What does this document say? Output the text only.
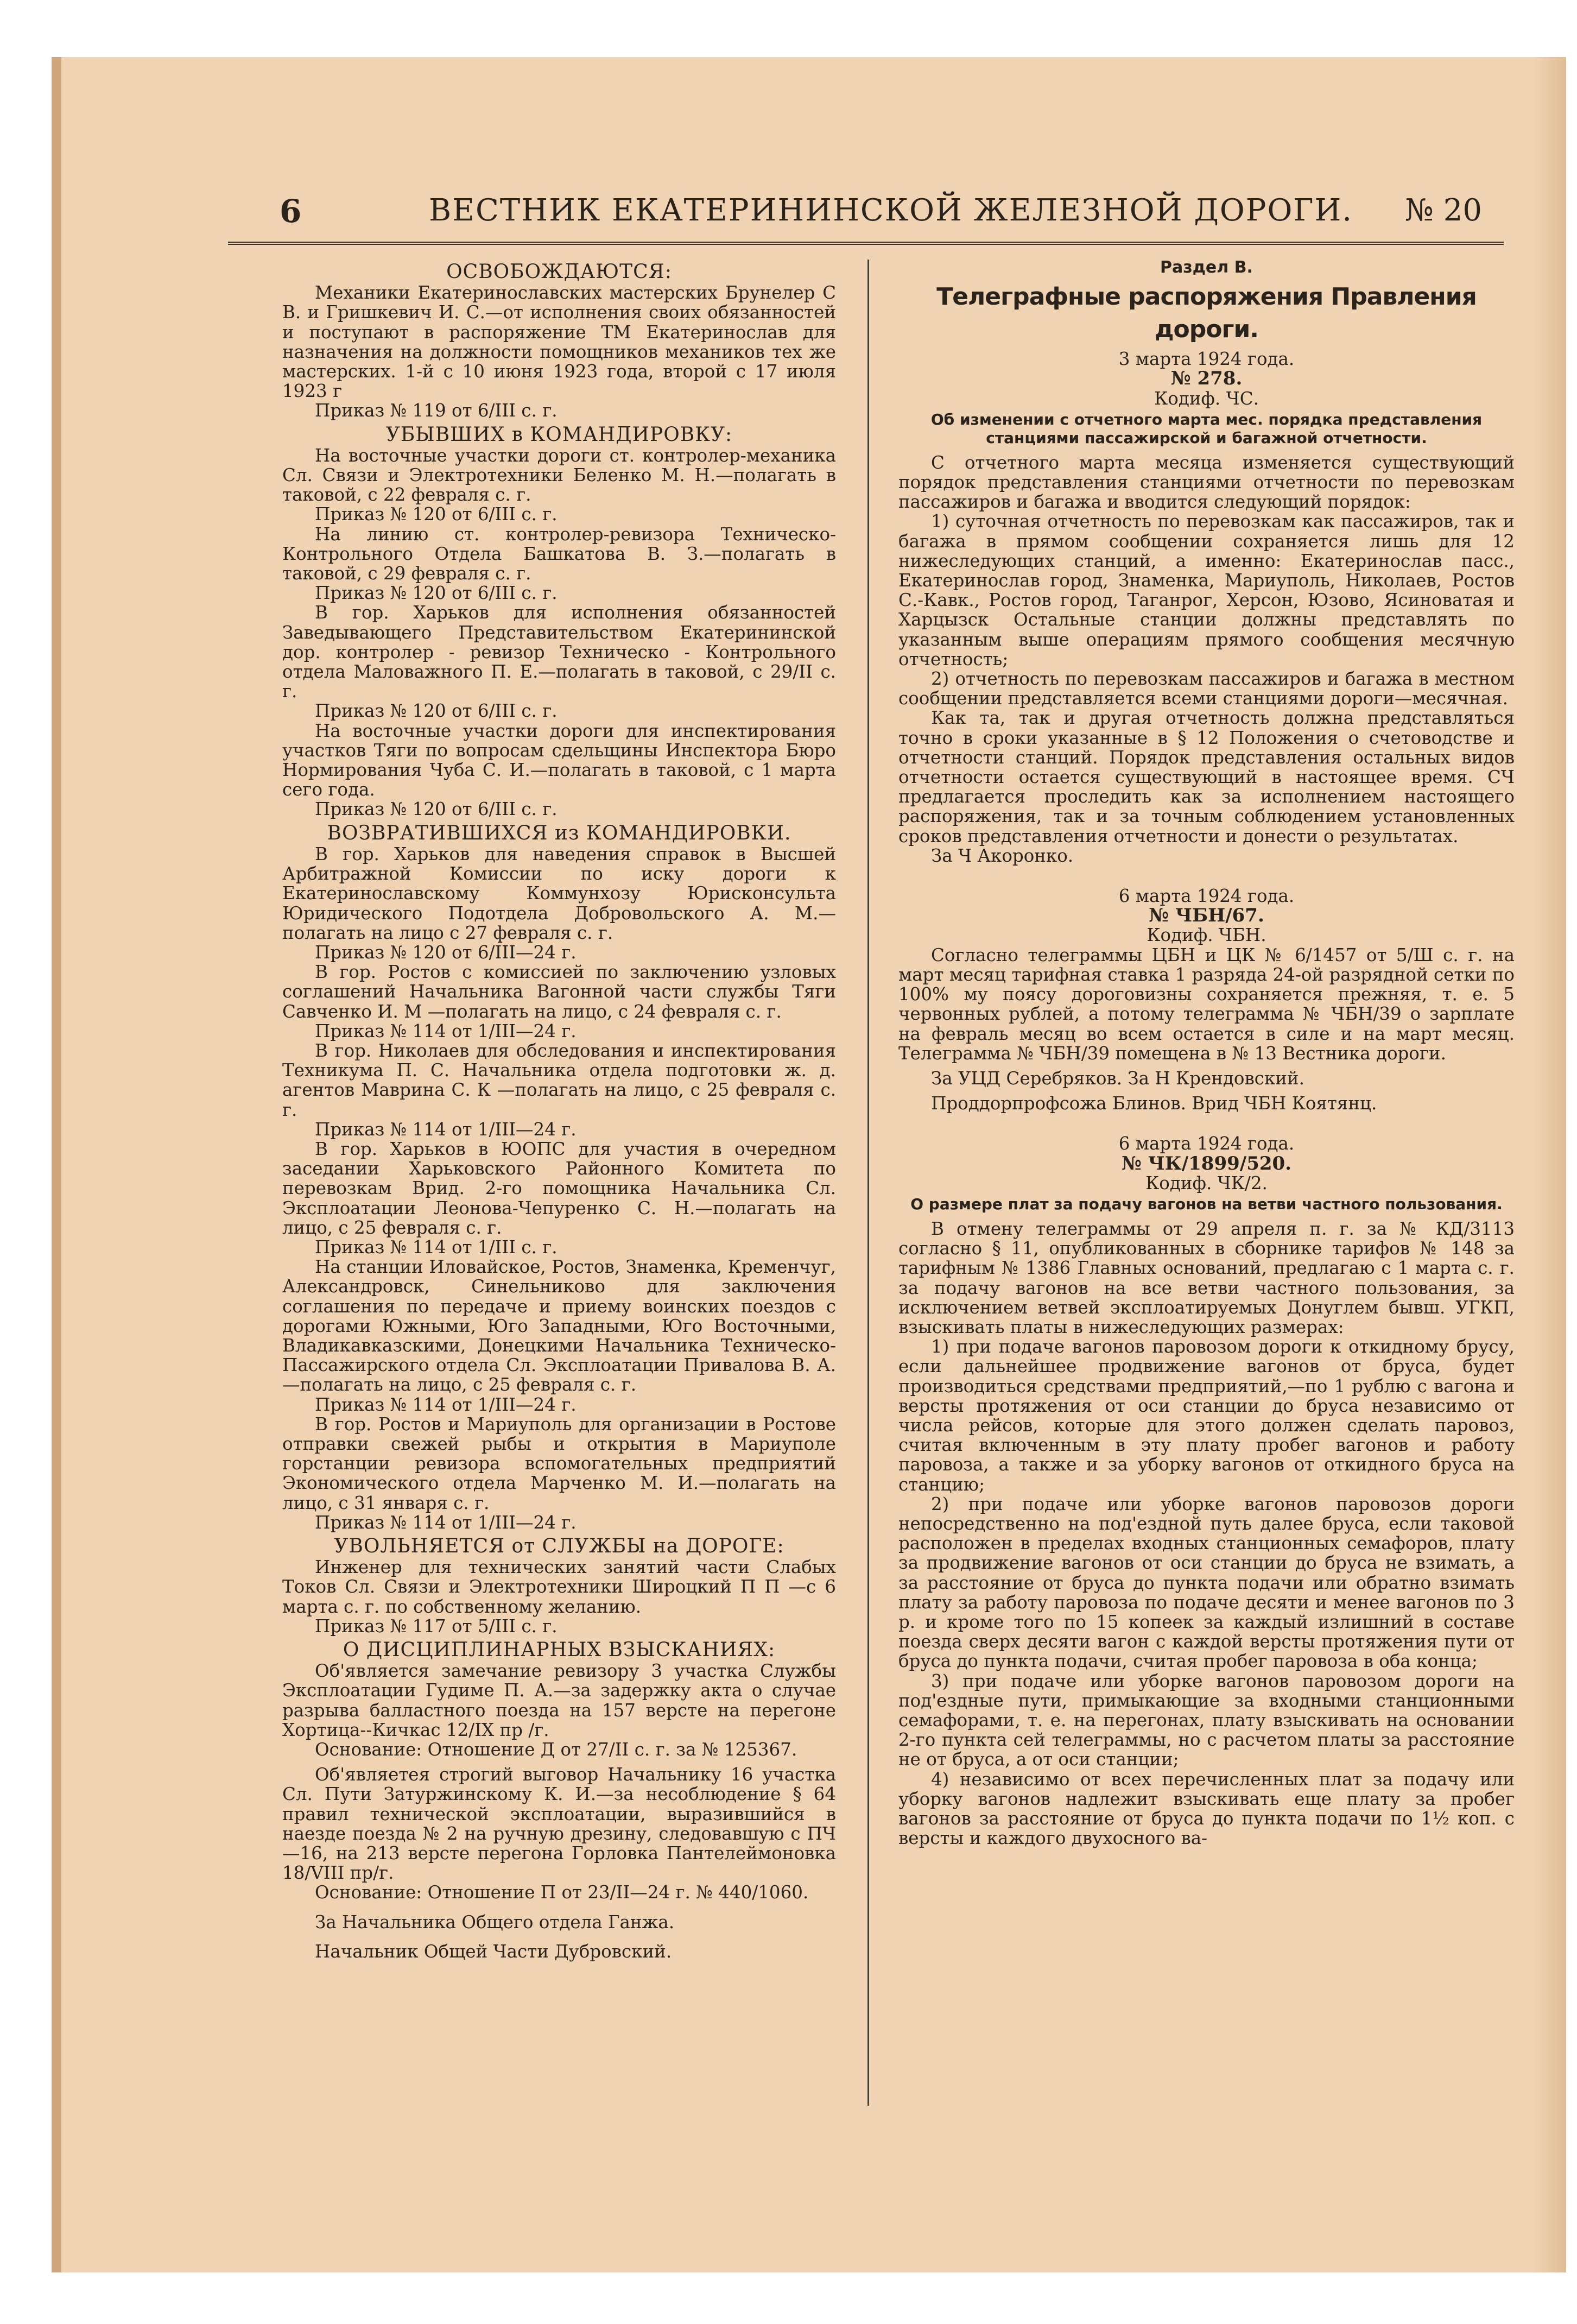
6	ВЕСТНИК ЕКАТЕРИНИНСКОЙ ЖЕЛЕЗНОЙ ДОРОГИ. № 20
ОСВОБОЖДАЮТСЯ:

Механики Екатеринославских мастерских Брунелер С В. и Гришкевич И. С.—от исполнения своих обязанностей и поступают в распоряжение ТМ Екатеринослав для назначения на должности помощников механиков тех же мастерских. 1-й с 10 июня 1923 года, второй с 17 июля 1923 г

Приказ № 119 от 6/III с. г.

УБЫВШИХ в КОМАНДИРОВКУ:

На восточные участки дороги ст. контролер-механика Сл. Связи и Электротехники Беленко М. Н.—полагать в таковой, с 22 февраля с. г.

Приказ № 120 от 6/III с. г.

На линию ст. контролер-ревизора Техническо-Контрольного Отдела Башкатова В. З.—полагать в таковой, с 29 февраля с. г.

Приказ № 120 от 6/III с. г.

В гор. Харьков для исполнения обязанностей Заведывающего Представительством Екатерининской дор. контролер - ревизор Техническо - Контрольного отдела Маловажного П. Е.—полагать в таковой, с 29/II с. г.

Приказ № 120 от 6/III с. г.

На восточные участки дороги для инспектирования участков Тяги по вопросам сдельщины Инспектора Бюро Нормирования Чуба С. И.—полагать в таковой, с 1 марта сего года.

Приказ № 120 от 6/III с. г.

ВОЗВРАТИВШИХСЯ из КОМАНДИРОВКИ.

В гор. Харьков для наведения справок в Высшей Арбитражной Комиссии по иску дороги к Екатеринославскому Коммунхозу Юрисконсульта Юридического Подотдела Добровольского А. М.—полагать на лицо с 27 февраля с. г.

Приказ № 120 от 6/III—24 г.

В гор. Ростов с комиссией по заключению узловых соглашений Начальника Вагонной части службы Тяги Савченко И. М —полагать на лицо, с 24 февраля с. г.

Приказ № 114 от 1/III—24 г.

В гор. Николаев для обследования и инспектирования Техникума П. С. Начальника отдела подготовки ж. д. агентов Маврина С. К —полагать на лицо, с 25 февраля с. г.

Приказ № 114 от 1/III—24 г.

В гор. Харьков в ЮОПС для участия в очередном заседании Харьковского Районного Комитета по перевозкам Врид. 2-го помощника Начальника Сл. Эксплоатации Леонова-Чепуренко С. Н.—полагать на лицо, с 25 февраля с. г.

Приказ № 114 от 1/III с. г.

На станции Иловайское, Ростов, Знаменка, Кременчуг, Александровск, Синельниково для заключения соглашения по передаче и приему воинских поездов с дорогами Южными, Юго Западными, Юго Восточными, Владикавказскими, Донецкими Начальника Техническо-Пассажирского отдела Сл. Эксплоатации Привалова В. А.—полагать на лицо, с 25 февраля с. г.

Приказ № 114 от 1/III—24 г.

В гор. Ростов и Мариуполь для организации в Ростове отправки свежей рыбы и открытия в Мариуполе горстанции ревизора вспомогательных предприятий Экономического отдела Марченко М. И.—полагать на лицо, с 31 января с. г.

Приказ № 114 от 1/III—24 г.

УВОЛЬНЯЕТСЯ от СЛУЖБЫ на ДОРОГЕ:

Инженер для технических занятий части Слабых Токов Сл. Связи и Электротехники Широцкий П П —с 6 марта с. г. по собственному желанию.

Приказ № 117 от 5/III с. г.

О ДИСЦИПЛИНАРНЫХ ВЗЫСКАНИЯХ:

Об'является замечание ревизору 3 участка Службы Эксплоатации Гудиме П. А.—за задержку акта о случае разрыва балластного поезда на 157 версте на перегоне Хортица--Кичкас 12/IX пр /г.

Основание: Отношение Д от 27/II с. г. за № 125367.

Об'являетея строгий выговор Начальнику 16 участка Сл. Пути Затуржинскому К. И.—за несоблюдение § 64 правил технической эксплоатации, выразившийся в наезде поезда № 2 на ручную дрезину, следовавшую с ПЧ—16, на 213 версте перегона Горловка Пантелеймоновка 18/VIII пр/г.

Основание: Отношение П от 23/II—24 г. № 440/1060.

За Начальника Общего отдела Ганжа.

Начальник Общей Части Дубровский.

Раздел В.

Телеграфные распоряжения Правления дороги.

3 марта 1924 года.

№ 278.

Кодиф. ЧС.

Об изменении с отчетного марта мес. порядка представления станциями пассажирской и багажной отчетности.

С отчетного марта месяца изменяется существующий порядок представления станциями отчетности по перевозкам пассажиров и багажа и вводится следующий порядок:

1) суточная отчетность по перевозкам как пассажиров, так и багажа в прямом сообщении сохраняется лишь для 12 нижеследующих станций, а именно: Екатеринослав пасс., Екатеринослав город, Знаменка, Мариуполь, Николаев, Ростов С.-Кавк., Ростов город, Таганрог, Херсон, Юзово, Ясиноватая и Харцызск Остальные станции должны представлять по указанным выше операциям прямого сообщения месячную отчетность;

2) отчетность по перевозкам пассажиров и багажа в местном сообщении представляется всеми станциями дороги—месячная.

Как та, так и другая отчетность должна представляться точно в сроки указанные в § 12 Положения о счетоводстве и отчетности станций. Порядок представления остальных видов отчетности остается существующий в настоящее время. СЧ предлагается проследить как за исполнением настоящего распоряжения, так и за точным соблюдением установленных сроков представления отчетности и донести о результатах.

За Ч Акоронко.

6 марта 1924 года.

№ ЧБН/67.

Кодиф. ЧБН.

Согласно телеграммы ЦБН и ЦК № 6/1457 от 5/Ш с. г. на март месяц тарифная ставка 1 разряда 24-ой разрядной сетки по 100% му поясу дороговизны сохраняется прежняя, т. е. 5 червонных рублей, а потому телеграмма № ЧБН/39 о зарплате на февраль месяц во всем остается в силе и на март месяц. Телеграмма № ЧБН/39 помещена в № 13 Вестника дороги.

За УЦД Серебряков. За Н Крендовский.

Проддорпрофсожа Блинов. Врид ЧБН Коятянц.

6 марта 1924 года.

№ ЧК/1899/520.

Кодиф. ЧК/2.

О размере плат за подачу вагонов на ветви частного пользования.

В отмену телеграммы от 29 апреля п. г. за № КД/3113 согласно § 11, опубликованных в сборнике тарифов № 148 за тарифным № 1386 Главных оснований, предлагаю с 1 марта с. г. за подачу вагонов на все ветви частного пользования, за исключением ветвей эксплоатируемых Донуглем бывш. УГКП, взыскивать платы в нижеследующих размерах:

1) при подаче вагонов паровозом дороги к откидному брусу, если дальнейшее продвижение вагонов от бруса, будет производиться средствами предприятий,—по 1 рублю с вагона и версты протяжения от оси станции до бруса независимо от числа рейсов, которые для этого должен сделать паровоз, считая включенным в эту плату пробег вагонов и работу паровоза, а также и за уборку вагонов от откидного бруса на станцию;

2) при подаче или уборке вагонов паровозов дороги непосредственно на под'ездной путь далее бруса, если таковой расположен в пределах входных станционных семафоров, плату за продвижение вагонов от оси станции до бруса не взимать, а за расстояние от бруса до пункта подачи или обратно взимать плату за работу паровоза по подаче десяти и менее вагонов по 3 р. и кроме того по 15 копеек за каждый излишний в составе поезда сверх десяти вагон с каждой версты протяжения пути от бруса до пункта подачи, считая пробег паровоза в оба конца;

3) при подаче или уборке вагонов паровозом дороги на под'ездные пути, примыкающие за входными станционными семафорами, т. е. на перегонах, плату взыскивать на основании 2-го пункта сей телеграммы, но с расчетом платы за расстояние не от бруса, а от оси станции;

4) независимо от всех перечисленных плат за подачу или уборку вагонов надлежит взыскивать еще плату за пробег вагонов за расстояние от бруса до пункта подачи по 1½ коп. с версты и каждого двухосного ва-
